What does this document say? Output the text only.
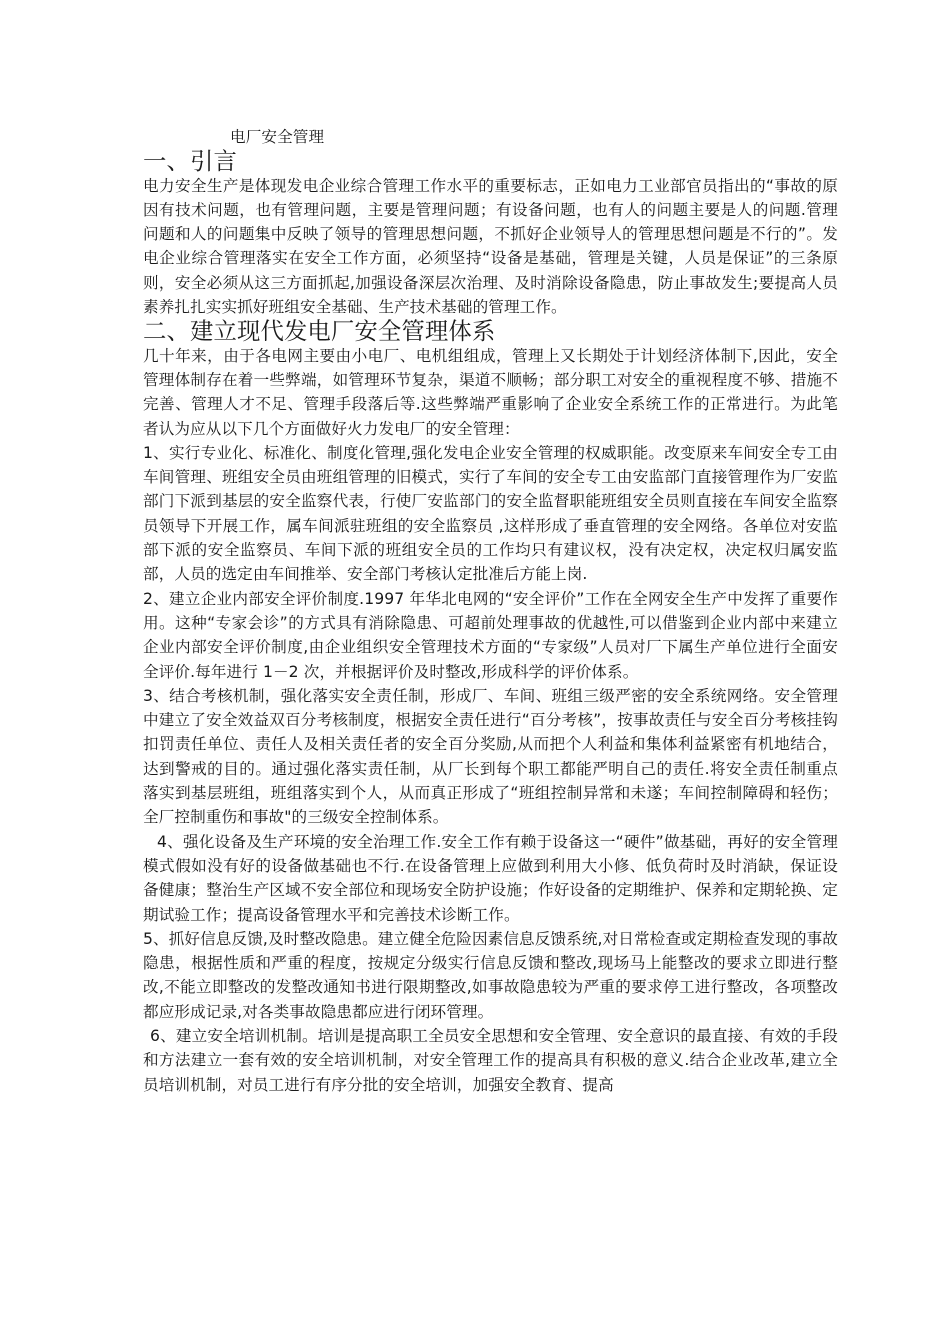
电厂安全管理
一、引言

电力安全生产是体现发电企业综合管理工作水平的重要标志，正如电力工业部官员指出的“事故的原因有技术问题，也有管理问题，主要是管理问题；有设备问题，也有人的问题主要是人的问题.管理问题和人的问题集中反映了领导的管理思想问题，不抓好企业领导人的管理思想问题是不行的”。发电企业综合管理落实在安全工作方面，必须坚持“设备是基础，管理是关键，人员是保证”的三条原则，安全必须从这三方面抓起,加强设备深层次治理、及时消除设备隐患，防止事故发生;要提高人员素养扎扎实实抓好班组安全基础、生产技术基础的管理工作。

二、建立现代发电厂安全管理体系

几十年来，由于各电网主要由小电厂、电机组组成，管理上又长期处于计划经济体制下,因此，安全管理体制存在着一些弊端，如管理环节复杂，渠道不顺畅；部分职工对安全的重视程度不够、措施不完善、管理人才不足、管理手段落后等.这些弊端严重影响了企业安全系统工作的正常进行。为此笔者认为应从以下几个方面做好火力发电厂的安全管理：

1、实行专业化、标准化、制度化管理,强化发电企业安全管理的权威职能。改变原来车间安全专工由车间管理、班组安全员由班组管理的旧模式，实行了车间的安全专工由安监部门直接管理作为厂安监部门下派到基层的安全监察代表，行使厂安监部门的安全监督职能班组安全员则直接在车间安全监察员领导下开展工作，属车间派驻班组的安全监察员 ,这样形成了垂直管理的安全网络。各单位对安监部下派的安全监察员、车间下派的班组安全员的工作均只有建议权，没有决定权，决定权归属安监部，人员的选定由车间推举、安全部门考核认定批准后方能上岗.

2、建立企业内部安全评价制度.1997 年华北电网的“安全评价”工作在全网安全生产中发挥了重要作用。这种“专家会诊”的方式具有消除隐患、可超前处理事故的优越性,可以借鉴到企业内部中来建立企业内部安全评价制度,由企业组织安全管理技术方面的“专家级”人员对厂下属生产单位进行全面安全评价.每年进行 1－2 次，并根据评价及时整改,形成科学的评价体系。

3、结合考核机制，强化落实安全责任制，形成厂、车间、班组三级严密的安全系统网络。安全管理中建立了安全效益双百分考核制度，根据安全责任进行“百分考核”，按事故责任与安全百分考核挂钩扣罚责任单位、责任人及相关责任者的安全百分奖励,从而把个人利益和集体利益紧密有机地结合，达到警戒的目的。通过强化落实责任制，从厂长到每个职工都能严明自己的责任.将安全责任制重点落实到基层班组，班组落实到个人，从而真正形成了“班组控制异常和未遂；车间控制障碍和轻伤；全厂控制重伤和事故"的三级安全控制体系。

4、强化设备及生产环境的安全治理工作.安全工作有赖于设备这一“硬件”做基础，再好的安全管理模式假如没有好的设备做基础也不行.在设备管理上应做到利用大小修、低负荷时及时消缺，保证设备健康；整治生产区域不安全部位和现场安全防护设施；作好设备的定期维护、保养和定期轮换、定期试验工作；提高设备管理水平和完善技术诊断工作。

5、抓好信息反馈,及时整改隐患。建立健全危险因素信息反馈系统,对日常检查或定期检查发现的事故隐患，根据性质和严重的程度，按规定分级实行信息反馈和整改,现场马上能整改的要求立即进行整改,不能立即整改的发整改通知书进行限期整改,如事故隐患较为严重的要求停工进行整改，各项整改都应形成记录,对各类事故隐患都应进行闭环管理。

6、建立安全培训机制。培训是提高职工全员安全思想和安全管理、安全意识的最直接、有效的手段和方法建立一套有效的安全培训机制，对安全管理工作的提高具有积极的意义.结合企业改革,建立全员培训机制，对员工进行有序分批的安全培训，加强安全教育、提高
